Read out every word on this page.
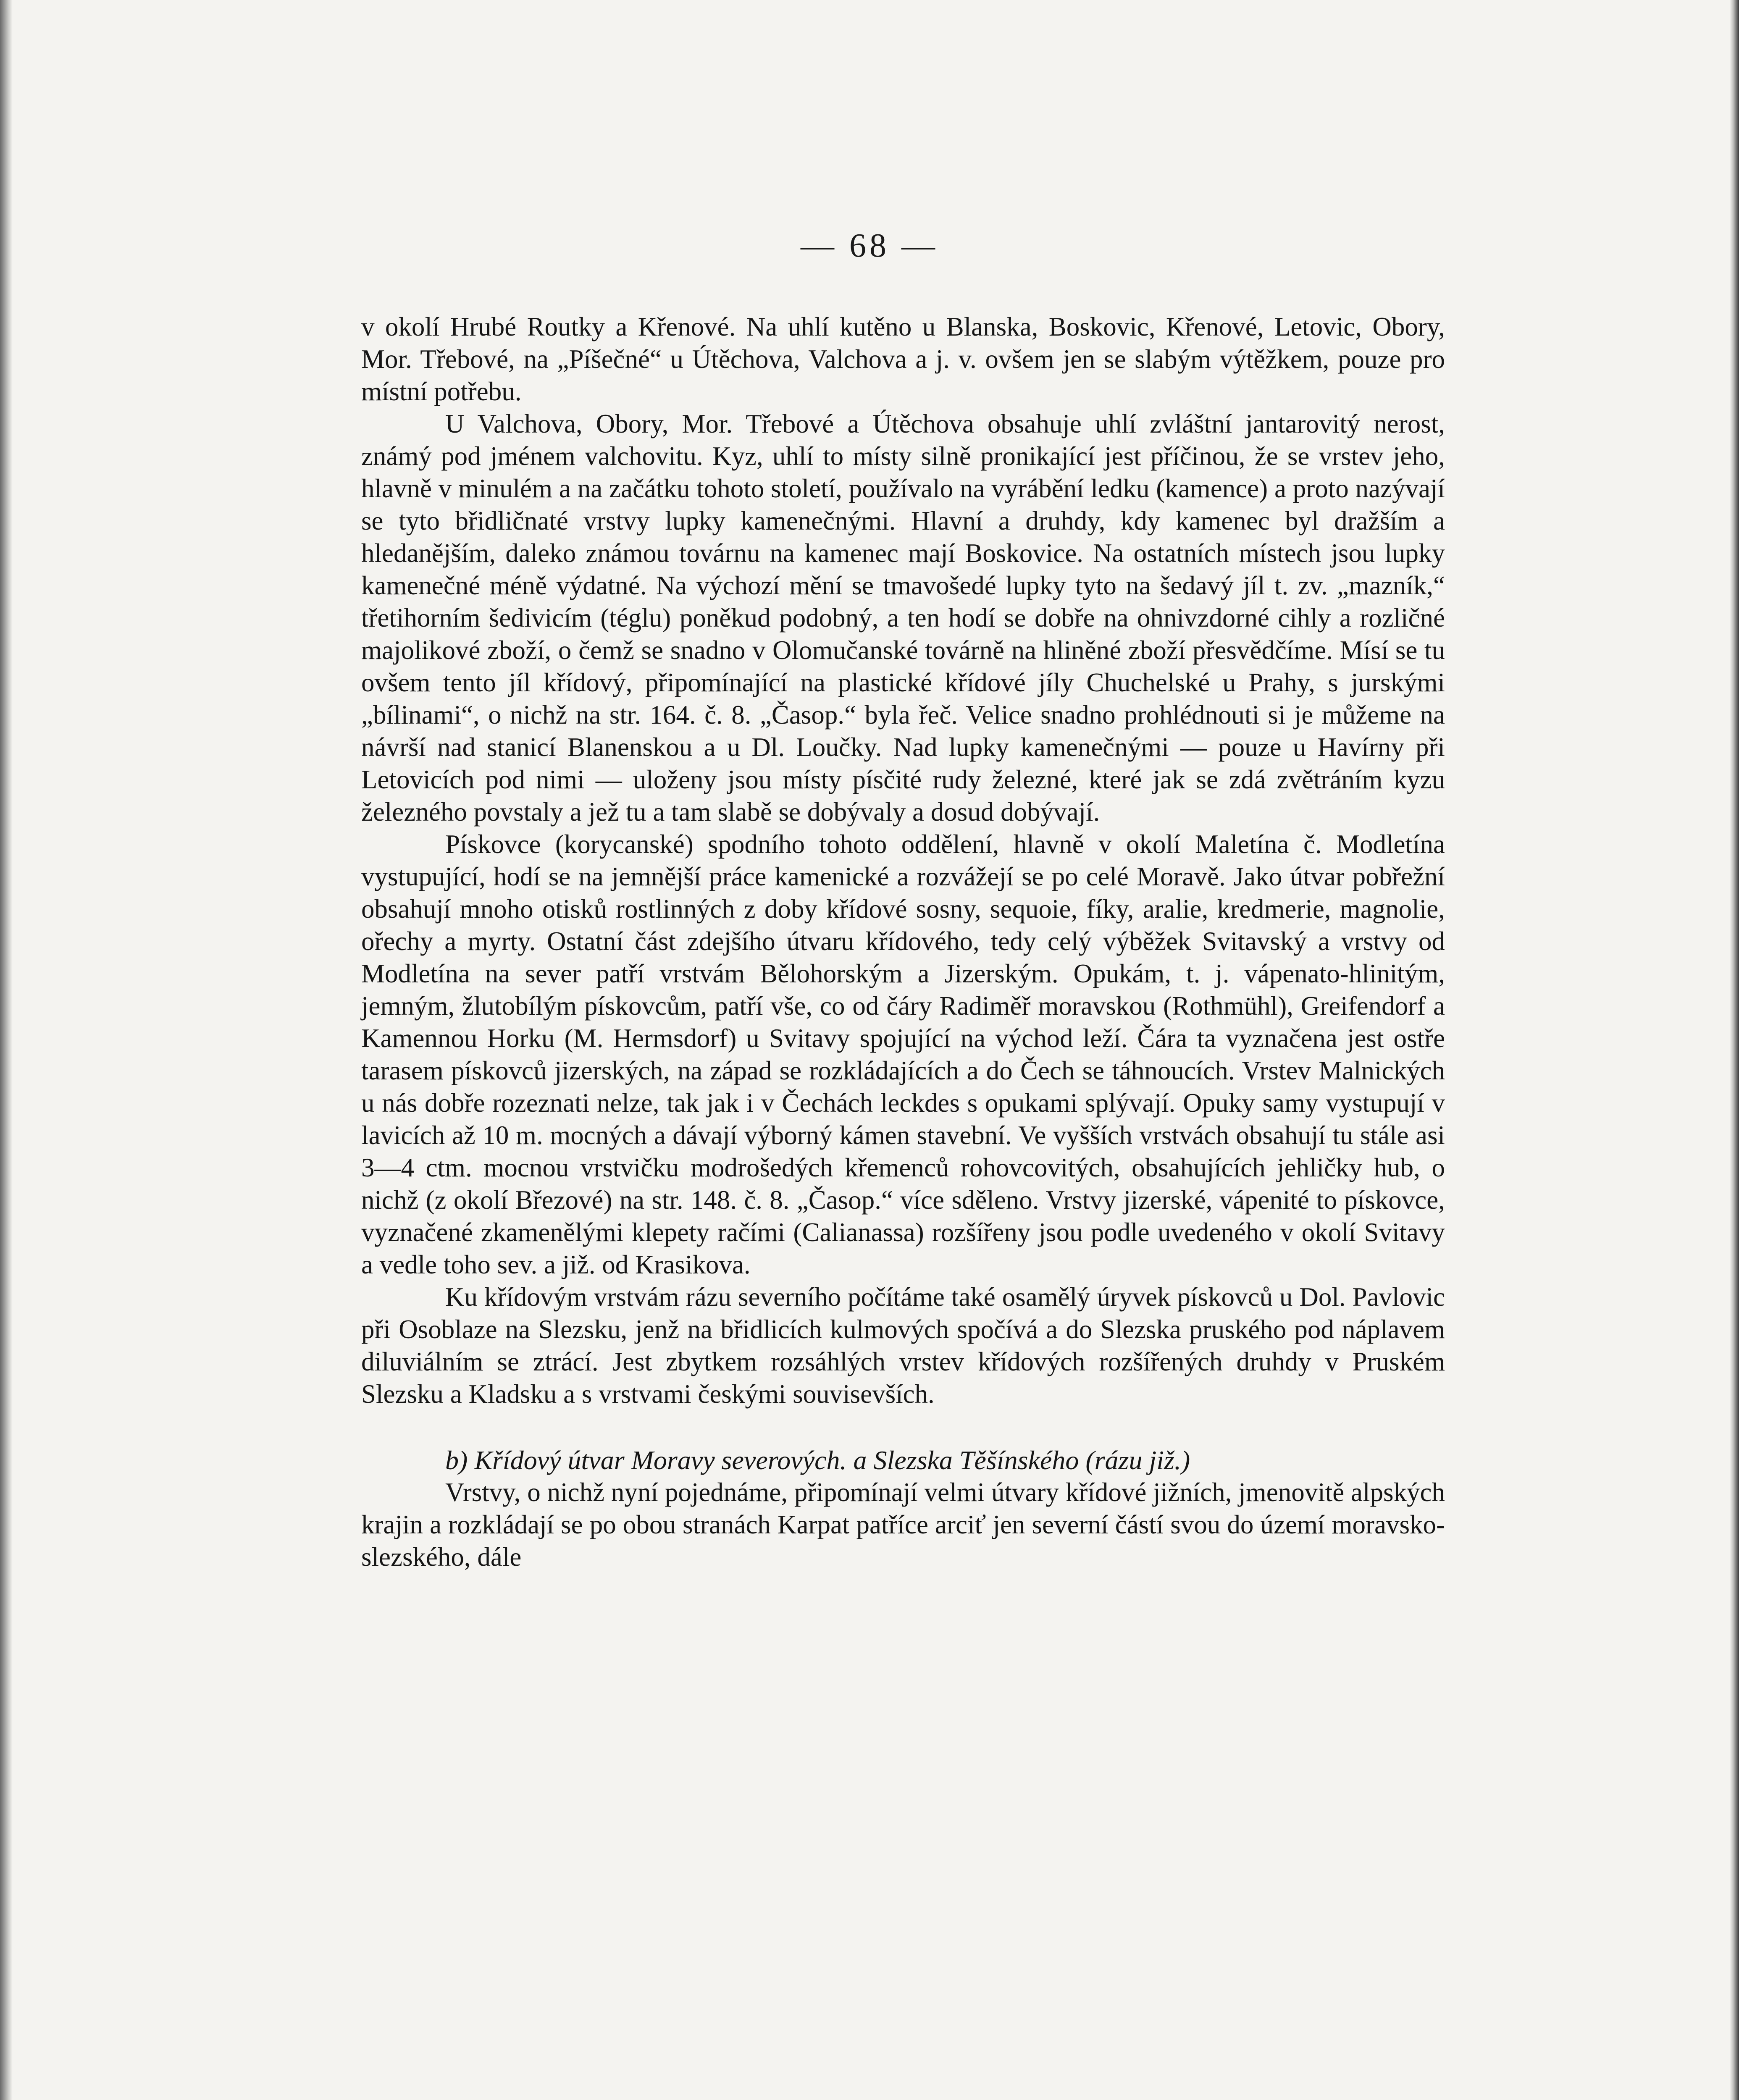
— 68 —

v okolí Hrubé Routky a Křenové. Na uhlí kutěno u Blanska, Boskovic, Křenové, Letovic, Obory, Mor. Třebové, na „Píšečné“ u Útěchova, Valchova a j. v. ovšem jen se slabým výtěžkem, pouze pro místní potřebu.

U Valchova, Obory, Mor. Třebové a Útěchova obsahuje uhlí zvláštní jantarovitý nerost, známý pod jménem valchovitu. Kyz, uhlí to místy silně pronikající jest příčinou, že se vrstev jeho, hlavně v minulém a na začátku tohoto století, používalo na vyrábění ledku (kamence) a proto nazývají se tyto břidličnaté vrstvy lupky kamenečnými. Hlavní a druhdy, kdy kamenec byl dražším a hledanějším, daleko známou továrnu na kamenec mají Boskovice. Na ostatních místech jsou lupky kamenečné méně výdatné. Na výchozí mění se tmavošedé lupky tyto na šedavý jíl t. zv. „mazník,“ třetihorním šedivicím (téglu) poněkud podobný, a ten hodí se dobře na ohnivzdorné cihly a rozličné majolikové zboží, o čemž se snadno v Olomučanské továrně na hliněné zboží přesvědčíme. Mísí se tu ovšem tento jíl křídový, připomínající na plastické křídové jíly Chuchelské u Prahy, s jurskými „bílinami“, o nichž na str. 164. č. 8. „Časop.“ byla řeč. Velice snadno prohlédnouti si je můžeme na návrší nad stanicí Blanenskou a u Dl. Loučky. Nad lupky kamenečnými — pouze u Havírny při Letovicích pod nimi — uloženy jsou místy písčité rudy železné, které jak se zdá zvětráním kyzu železného povstaly a jež tu a tam slabě se dobývaly a dosud dobývají.

Pískovce (korycanské) spodního tohoto oddělení, hlavně v okolí Maletína č. Modletína vystupující, hodí se na jemnější práce kamenické a rozvážejí se po celé Moravě. Jako útvar pobřežní obsahují mnoho otisků rostlinných z doby křídové sosny, sequoie, fíky, aralie, kredmerie, magnolie, ořechy a myrty. Ostatní část zdejšího útvaru křídového, tedy celý výběžek Svitavský a vrstvy od Modletína na sever patří vrstvám Bělohorským a Jizerským. Opukám, t. j. vápenato-hlinitým, jemným, žlutobílým pískovcům, patří vše, co od čáry Radiměř moravskou (Rothmühl), Greifendorf a Kamennou Horku (M. Hermsdorf) u Svitavy spojující na východ leží. Čára ta vyznačena jest ostře tarasem pískovců jizerských, na západ se rozkládajících a do Čech se táhnoucích. Vrstev Malnických u nás dobře rozeznati nelze, tak jak i v Čechách leckdes s opukami splývají. Opuky samy vystupují v lavicích až 10 m. mocných a dávají výborný kámen stavební. Ve vyšších vrstvách obsahují tu stále asi 3—4 ctm. mocnou vrstvičku modrošedých křemenců rohovcovitých, obsahujících jehličky hub, o nichž (z okolí Březové) na str. 148. č. 8. „Časop.“ více sděleno. Vrstvy jizerské, vápenité to pískovce, vyznačené zkamenělými klepety račími (Calianassa) rozšířeny jsou podle uvedeného v okolí Svitavy a vedle toho sev. a již. od Krasikova.

Ku křídovým vrstvám rázu severního počítáme také osamělý úryvek pískovců u Dol. Pavlovic při Osoblaze na Slezsku, jenž na břidlicích kulmových spočívá a do Slezska pruského pod náplavem diluviálním se ztrácí. Jest zbytkem rozsáhlých vrstev křídových rozšířených druhdy v Pruském Slezsku a Kladsku a s vrstvami českými souvisevších.

b) Křídový útvar Moravy severových. a Slezska Těšínského (rázu již.)

Vrstvy, o nichž nyní pojednáme, připomínají velmi útvary křídové jižních, jmenovitě alpských krajin a rozkládají se po obou stranách Karpat patříce arciť jen severní částí svou do území moravsko-slezského, dále
